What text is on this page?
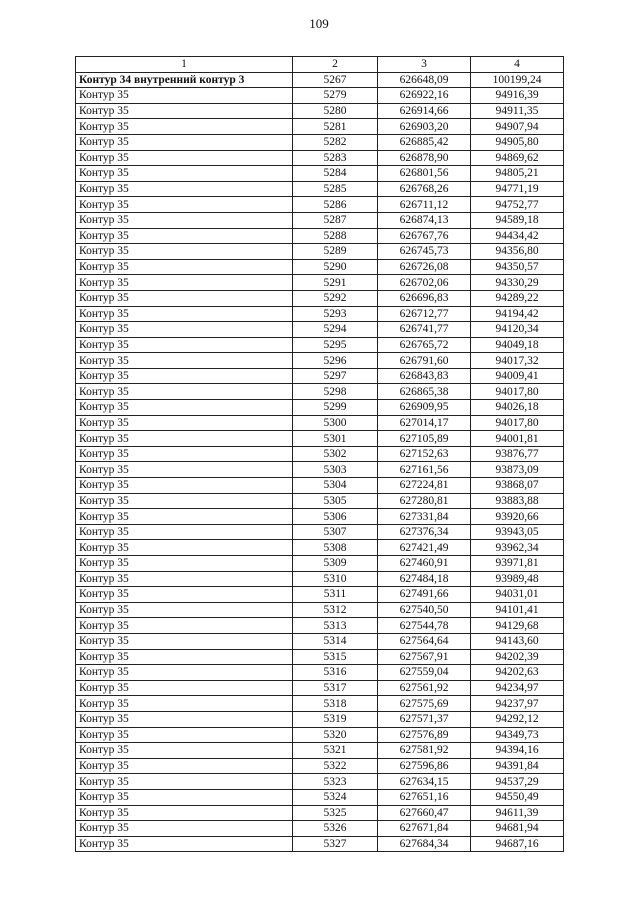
109
1	2	3	4
Контур 34 внутренний контур 3	5267	626648,09	100199,24
Контур 35	5279	626922,16	94916,39
Контур 35	5280	626914,66	94911,35
Контур 35	5281	626903,20	94907,94
Контур 35	5282	626885,42	94905,80
Контур 35	5283	626878,90	94869,62
Контур 35	5284	626801,56	94805,21
Контур 35	5285	626768,26	94771,19
Контур 35	5286	626711,12	94752,77
Контур 35	5287	626874,13	94589,18
Контур 35	5288	626767,76	94434,42
Контур 35	5289	626745,73	94356,80
Контур 35	5290	626726,08	94350,57
Контур 35	5291	626702,06	94330,29
Контур 35	5292	626696,83	94289,22
Контур 35	5293	626712,77	94194,42
Контур 35	5294	626741,77	94120,34
Контур 35	5295	626765,72	94049,18
Контур 35	5296	626791,60	94017,32
Контур 35	5297	626843,83	94009,41
Контур 35	5298	626865,38	94017,80
Контур 35	5299	626909,95	94026,18
Контур 35	5300	627014,17	94017,80
Контур 35	5301	627105,89	94001,81
Контур 35	5302	627152,63	93876,77
Контур 35	5303	627161,56	93873,09
Контур 35	5304	627224,81	93868,07
Контур 35	5305	627280,81	93883,88
Контур 35	5306	627331,84	93920,66
Контур 35	5307	627376,34	93943,05
Контур 35	5308	627421,49	93962,34
Контур 35	5309	627460,91	93971,81
Контур 35	5310	627484,18	93989,48
Контур 35	5311	627491,66	94031,01
Контур 35	5312	627540,50	94101,41
Контур 35	5313	627544,78	94129,68
Контур 35	5314	627564,64	94143,60
Контур 35	5315	627567,91	94202,39
Контур 35	5316	627559,04	94202,63
Контур 35	5317	627561,92	94234,97
Контур 35	5318	627575,69	94237,97
Контур 35	5319	627571,37	94292,12
Контур 35	5320	627576,89	94349,73
Контур 35	5321	627581,92	94394,16
Контур 35	5322	627596,86	94391,84
Контур 35	5323	627634,15	94537,29
Контур 35	5324	627651,16	94550,49
Контур 35	5325	627660,47	94611,39
Контур 35	5326	627671,84	94681,94
Контур 35	5327	627684,34	94687,16
